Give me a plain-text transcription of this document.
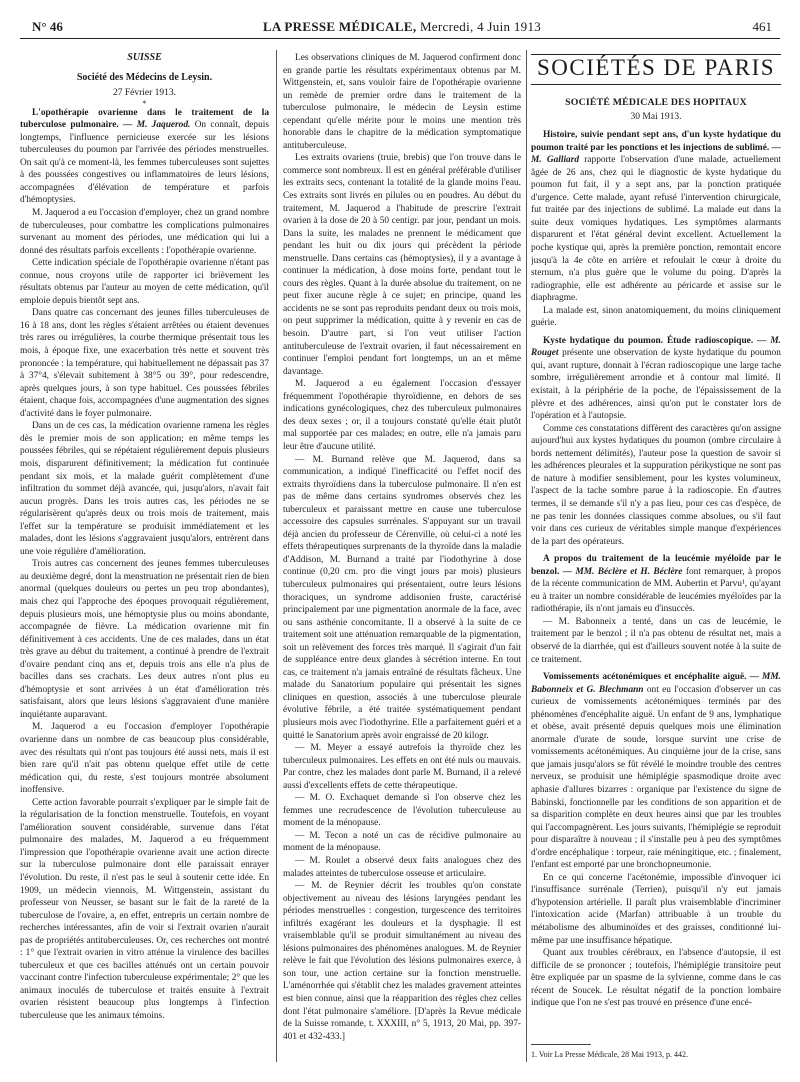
N° 46	LA PRESSE MÉDICALE, Mercredi, 4 Juin 1913	461
SUISSE
Société des Médecins de Leysin.
27 Février 1913.
*

L'opothérapie ovarienne dans le traitement de la tuberculose pulmonaire. — M. Jaquerod. On connaît, depuis longtemps, l'influence pernicieuse exercée sur les lésions tuberculeuses du poumon par l'arrivée des périodes menstruelles. On sait qu'à ce moment-là, les femmes tuberculeuses sont sujettes à des poussées congestives ou inflammatoires de leurs lésions, accompagnées d'élévation de température et parfois d'hémoptysies.

M. Jaquerod a eu l'occasion d'employer, chez un grand nombre de tuberculeuses, pour combattre les complications pulmonaires survenant au moment des périodes, une médication qui lui a donné des résultats parfois excellents : l'opothérapie ovarienne.

Cette indication spéciale de l'opothérapie ovarienne n'étant pas connue, nous croyons utile de rapporter ici brièvement les résultats obtenus par l'auteur au moyen de cette médication, qu'il emploie depuis bientôt sept ans.

Dans quatre cas concernant des jeunes filles tuberculeuses de 16 à 18 ans, dont les règles s'étaient arrêtées ou étaient devenues très rares ou irrégulières, la courbe thermique présentait tous les mois, à époque fixe, une exacerbation très nette et souvent très prononcée : la température, qui habituellement ne dépassait pas 37 à 37°4, s'élevait subitement à 38°5 ou 39°, pour redescendre, après quelques jours, à son type habituel. Ces poussées fébriles étaient, chaque fois, accompagnées d'une augmentation des signes d'activité dans le foyer pulmonaire.

Dans un de ces cas, la médication ovarienne ramena les règles dès le premier mois de son application; en même temps les poussées fébriles, qui se répétaient régulièrement depuis plusieurs mois, disparurent définitivement; la médication fut continuée pendant six mois, et la malade guérit complètement d'une infiltration du sommet déjà avancée, qui, jusqu'alors, n'avait fait aucun progrès. Dans les trois autres cas, les périodes ne se régularisèrent qu'après deux ou trois mois de traitement, mais l'effet sur la température se produisit immédiatement et les malades, dont les lésions s'aggravaient jusqu'alors, entrèrent dans une voie régulière d'amélioration.

Trois autres cas concernent des jeunes femmes tuberculeuses au deuxième degré, dont la menstruation ne présentait rien de bien anormal (quelques douleurs ou pertes un peu trop abondantes), mais chez qui l'approche des époques provoquait régulièrement, depuis plusieurs mois, une hémoptysie plus ou moins abondante, accompagnée de fièvre. La médication ovarienne mit fin définitivement à ces accidents. Une de ces malades, dans un état très grave au début du traitement, a continué à prendre de l'extrait d'ovaire pendant cinq ans et, depuis trois ans elle n'a plus de bacilles dans ses crachats. Les deux autres n'ont plus eu d'hémoptysie et sont arrivées à un état d'amélioration très satisfaisant, alors que leurs lésions s'aggravaient d'une manière inquiétante auparavant.

M. Jaquerod a eu l'occasion d'employer l'opothérapie ovarienne dans un nombre de cas beaucoup plus considérable, avec des résultats qui n'ont pas toujours été aussi nets, mais il est bien rare qu'il n'ait pas obtenu quelque effet utile de cette médication qui, du reste, s'est toujours montrée absolument inoffensive.

Cette action favorable pourrait s'expliquer par le simple fait de la régularisation de la fonction menstruelle. Toutefois, en voyant l'amélioration souvent considérable, survenue dans l'état pulmonaire des malades, M. Jaquerod a eu fréquemment l'impression que l'opothérapie ovarienne avait une action directe sur la tuberculose pulmonaire dont elle paraissait enrayer l'évolution. Du reste, il n'est pas le seul à soutenir cette idée. En 1909, un médecin viennois, M. Wittgenstein, assistant du professeur von Neusser, se basant sur le fait de la rareté de la tuberculose de l'ovaire, a, en effet, entrepris un certain nombre de recherches intéressantes, afin de voir si l'extrait ovarien n'aurait pas de propriétés antituberculeuses. Or, ces recherches ont montré : 1° que l'extrait ovarien in vitro atténue la virulence des bacilles tuberculeux et que ces bacilles atténués ont un certain pouvoir vaccinant contre l'infection tuberculeuse expérimentale; 2° que les animaux inoculés de tuberculose et traités ensuite à l'extrait ovarien résistent beaucoup plus longtemps à l'infection tuberculeuse que les animaux témoins.

Les observations cliniques de M. Jaquerod confirment donc en grande partie les résultats expérimentaux obtenus par M. Wittgenstein, et, sans vouloir faire de l'opothérapie ovarienne un remède de premier ordre dans le traitement de la tuberculose pulmonaire, le médecin de Leysin estime cependant qu'elle mérite pour le moins une mention très honorable dans le chapitre de la médication symptomatique antituberculeuse.

Les extraits ovariens (truie, brebis) que l'on trouve dans le commerce sont nombreux. Il est en général préférable d'utiliser les extraits secs, contenant la totalité de la glande moins l'eau. Ces extraits sont livrés en pilules ou en poudres. Au début du traitement, M. Jaquerod a l'habitude de prescrire l'extrait ovarien à la dose de 20 à 50 centigr. par jour, pendant un mois. Dans la suite, les malades ne prennent le médicament que pendant les huit ou dix jours qui précèdent la période menstruelle. Dans certains cas (hémoptysies), il y a avantage à continuer la médication, à dose moins forte, pendant tout le cours des règles. Quant à la durée absolue du traitement, on ne peut fixer aucune règle à ce sujet; en principe, quand les accidents ne se sont pas reproduits pendant deux ou trois mois, on peut supprimer la médication, quitte à y revenir en cas de besoin. D'autre part, si l'on veut utiliser l'action antituberculeuse de l'extrait ovarien, il faut nécessairement en continuer l'emploi pendant fort longtemps, un an et même davantage.

M. Jaquerod a eu également l'occasion d'essayer fréquemment l'opothérapie thyroïdienne, en dehors de ses indications gynécologiques, chez des tuberculeux pulmonaires des deux sexes ; or, il a toujours constaté qu'elle était plutôt mal supportée par ces malades; en outre, elle n'a jamais paru leur être d'aucune utilité.

— M. Burnand relève que M. Jaquerod, dans sa communication, a indiqué l'inefficacité ou l'effet nocif des extraits thyroïdiens dans la tuberculose pulmonaire. Il n'en est pas de même dans certains syndromes observés chez les tuberculeux et paraissant mettre en cause une tuberculose accessoire des capsules surrénales. S'appuyant sur un travail déjà ancien du professeur de Cérenville, où celui-ci a noté les effets thérapeutiques surprenants de la thyroïde dans la maladie d'Addison, M. Burnand a traité par l'iodothyrine à dose continue (0,20 cm. pro die vingt jours par mois) plusieurs tuberculeux pulmonaires qui présentaient, outre leurs lésions thoraciques, un syndrome addisonien fruste, caractérisé principalement par une pigmentation anormale de la face, avec ou sans asthénie concomitante. Il a observé à la suite de ce traitement soit une atténuation remarquable de la pigmentation, soit un relèvement des forces très marqué. Il s'agirait d'un fait de suppléance entre deux glandes à sécrétion interne. En tout cas, ce traitement n'a jamais entraîné de résultats fâcheux. Une malade du Sanatorium populaire qui présentait les signes cliniques en question, associés à une tuberculose pleurale évolutive fébrile, a été traitée systématiquement pendant plusieurs mois avec l'iodothyrine. Elle a parfaitement guéri et a quitté le Sanatorium après avoir engraissé de 20 kilogr.

— M. Meyer a essayé autrefois la thyroïde chez les tuberculeux pulmonaires. Les effets en ont été nuls ou mauvais. Par contre, chez les malades dont parle M. Burnand, il a relevé aussi d'excellents effets de cette thérapeutique.

— M. O. Exchaquet demande si l'on observe chez les femmes une recrudescence de l'évolution tuberculeuse au moment de la ménopause.

— M. Tecon a noté un cas de récidive pulmonaire au moment de la ménopause.

— M. Roulet a observé deux faits analogues chez des malades atteintes de tuberculose osseuse et articulaire.

— M. de Reynier décrit les troubles qu'on constate objectivement au niveau des lésions laryngées pendant les périodes menstruelles : congestion, turgescence des territoires infiltrés exagérant les douleurs et la dysphagie. Il est vraisemblable qu'il se produit simultanément au niveau des lésions pulmonaires des phénomènes analogues. M. de Reynier relève le fait que l'évolution des lésions pulmonaires exerce, à son tour, une action certaine sur la fonction menstruelle. L'aménorrhée qui s'établit chez les malades gravement atteintes est bien connue, ainsi que la réapparition des règles chez celles dont l'état pulmonaire s'améliore. [D'après la Revue médicale de la Suisse romande, t. XXXIII, n° 5, 1913, 20 Mai, pp. 397-401 et 432-433.]

SOCIÉTÉS DE PARIS
SOCIÉTÉ MÉDICALE DES HOPITAUX
30 Mai 1913.

Histoire, suivie pendant sept ans, d'un kyste hydatique du poumon traité par les ponctions et les injections de sublimé. — M. Galliard rapporte l'observation d'une malade, actuellement âgée de 26 ans, chez qui le diagnostic de kyste hydatique du poumon fut fait, il y a sept ans, par la ponction pratiquée d'urgence. Cette malade, ayant refusé l'intervention chirurgicale, fut traitée par des injections de sublimé. La malade eut dans la suite deux vomiques hydatiques. Les symptômes alarmants disparurent et l'état général devint excellent. Actuellement la poche kystique qui, après la première ponction, remontait encore jusqu'à la 4e côte en arrière et refoulait le cœur à droite du sternum, n'a plus guère que le volume du poing. D'après la radiographie, elle est adhérente au péricarde et assise sur le diaphragme.

La malade est, sinon anatomiquement, du moins cliniquement guérie.

Kyste hydatique du poumon. Étude radioscopique. — M. Rouget présente une observation de kyste hydatique du poumon qui, avant rupture, donnait à l'écran radioscopique une large tache sombre, irrégulièrement arrondie et à contour mal limité. Il existait, à la périphérie de la poche, de l'épaississement de la plèvre et des adhérences, ainsi qu'on put le constater lors de l'opération et à l'autopsie.

Comme ces constatations diffèrent des caractères qu'on assigne aujourd'hui aux kystes hydatiques du poumon (ombre circulaire à bords nettement délimités), l'auteur pose la question de savoir si les adhérences pleurales et la suppuration périkystique ne sont pas de nature à modifier sensiblement, pour les kystes volumineux, l'aspect de la tache sombre parue à la radioscopie. En d'autres termes, il se demande s'il n'y a pas lieu, pour ces cas d'espèce, de ne pas tenir les données classiques comme absolues, ou s'il faut voir dans ces curieux de véritables simple manque d'expériences de la part des opérateurs.

A propos du traitement de la leucémie myéloïde par le benzol. — MM. Béclère et H. Béclère font remarquer, à propos de la récente communication de MM. Aubertin et Parvu¹, qu'ayant eu à traiter un nombre considérable de leucémies myéloïdes par la radiothérapie, ils n'ont jamais eu d'insuccès.

— M. Babonneix a tenté, dans un cas de leucémie, le traitement par le benzol ; il n'a pas obtenu de résultat net, mais a observé de la diarrhée, qui est d'ailleurs souvent notée à la suite de ce traitement.

Vomissements acétonémiques et encéphalite aiguë. — MM. Babonneix et G. Blechmann ont eu l'occasion d'observer un cas curieux de vomissements acétonémiques terminés par des phénomènes d'encéphalite aiguë. Un enfant de 9 ans, lymphatique et obèse, avait présenté depuis quelques mois une élimination anormale d'urate de soude, lorsque survint une crise de vomissements acétonémiques. Au cinquième jour de la crise, sans que jamais jusqu'alors se fût révélé le moindre trouble des centres nerveux, se produisit une hémiplégie spasmodique droite avec aphasie d'allures bizarres : organique par l'existence du signe de Babinski, fonctionnelle par les conditions de son apparition et de sa disparition complète en deux heures ainsi que par les troubles qui l'accompagnèrent. Les jours suivants, l'hémiplégie se reproduit pour disparaître à nouveau ; il s'installe peu à peu des symptômes d'ordre encéphalique : torpeur, raie méningitique, etc. ; finalement, l'enfant est emporté par une bronchopneumonie.

En ce qui concerne l'acétonémie, impossible d'invoquer ici l'insuffisance surrénale (Terrien), puisqu'il n'y eut jamais d'hypotension artérielle. Il paraît plus vraisemblable d'incriminer l'intoxication acide (Marfan) attribuable à un trouble du métabolisme des albuminoïdes et des graisses, conditionné lui-même par une insuffisance hépatique.

Quant aux troubles cérébraux, en l'absence d'autopsie, il est difficile de se prononcer ; toutefois, l'hémiplégie transitoire peut être expliquée par un spasme de la sylvienne, comme dans le cas récent de Soucek. Le résultat négatif de la ponction lombaire indique que l'on ne s'est pas trouvé en présence d'une encé-

1. Voir La Presse Médicale, 28 Mai 1913, p. 442.
